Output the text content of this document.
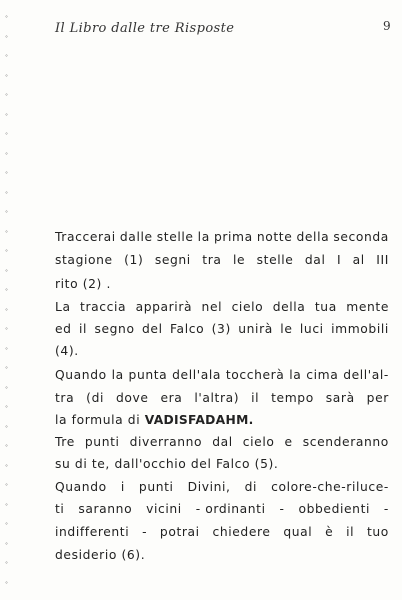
Il Libro dalle tre Risposte	9
°
°
°
°
°
°
°
°
°
°
°
°
°
°
°
°
°
°
°
°
°
°
°
°
°
°
°
°
°
°
Traccerai dalle stelle la prima notte della seconda
stagione (1) segni tra le stelle dal I al III
rito (2) .
La traccia apparirà nel cielo della tua mente
ed il segno del Falco (3) unirà le luci immobili
(4).
Quando la punta dell'ala toccherà la cima dell'al-
tra (di dove era l'altra) il tempo sarà per
la formula di VADISFADAHM.
Tre punti diverranno dal cielo e scenderanno
su di te, dall'occhio del Falco (5).
Quando i punti Divini, di colore-che-riluce-
ti saranno vicini - ordinanti - obbedienti -
indifferenti - potrai chiedere qual è il tuo
desiderio (6).
